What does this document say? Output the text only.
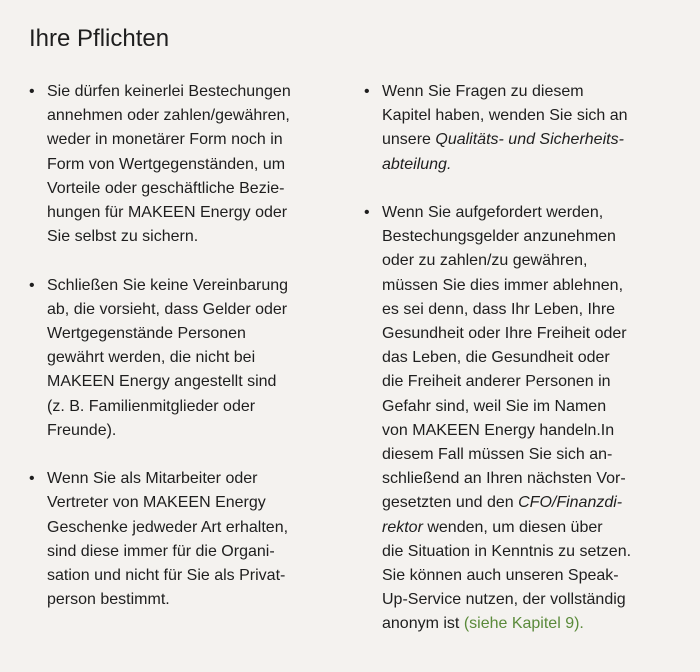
Ihre Pflichten
• Sie dürfen keinerlei Bestechungen
annehmen oder zahlen/gewähren,
weder in monetärer Form noch in
Form von Wertgegenständen, um
Vorteile oder geschäftliche Bezie-
hungen für MAKEEN Energy oder
Sie selbst zu sichern.
• Schließen Sie keine Vereinbarung
ab, die vorsieht, dass Gelder oder
Wertgegenstände Personen
gewährt werden, die nicht bei
MAKEEN Energy angestellt sind
(z. B. Familienmitglieder oder
Freunde).
• Wenn Sie als Mitarbeiter oder
Vertreter von MAKEEN Energy
Geschenke jedweder Art erhalten,
sind diese immer für die Organi-
sation und nicht für Sie als Privat-
person bestimmt.
• Wenn Sie Fragen zu diesem
Kapitel haben, wenden Sie sich an
unsere Qualitäts- und Sicherheits-
abteilung.
• Wenn Sie aufgefordert werden,
Bestechungsgelder anzunehmen
oder zu zahlen/zu gewähren,
müssen Sie dies immer ablehnen,
es sei denn, dass Ihr Leben, Ihre
Gesundheit oder Ihre Freiheit oder
das Leben, die Gesundheit oder
die Freiheit anderer Personen in
Gefahr sind, weil Sie im Namen
von MAKEEN Energy handeln.In
diesem Fall müssen Sie sich an-
schließend an Ihren nächsten Vor-
gesetzten und den CFO/Finanzdi-
rektor wenden, um diesen über
die Situation in Kenntnis zu setzen.
Sie können auch unseren Speak-
Up-Service nutzen, der vollständig
anonym ist (siehe Kapitel 9).
